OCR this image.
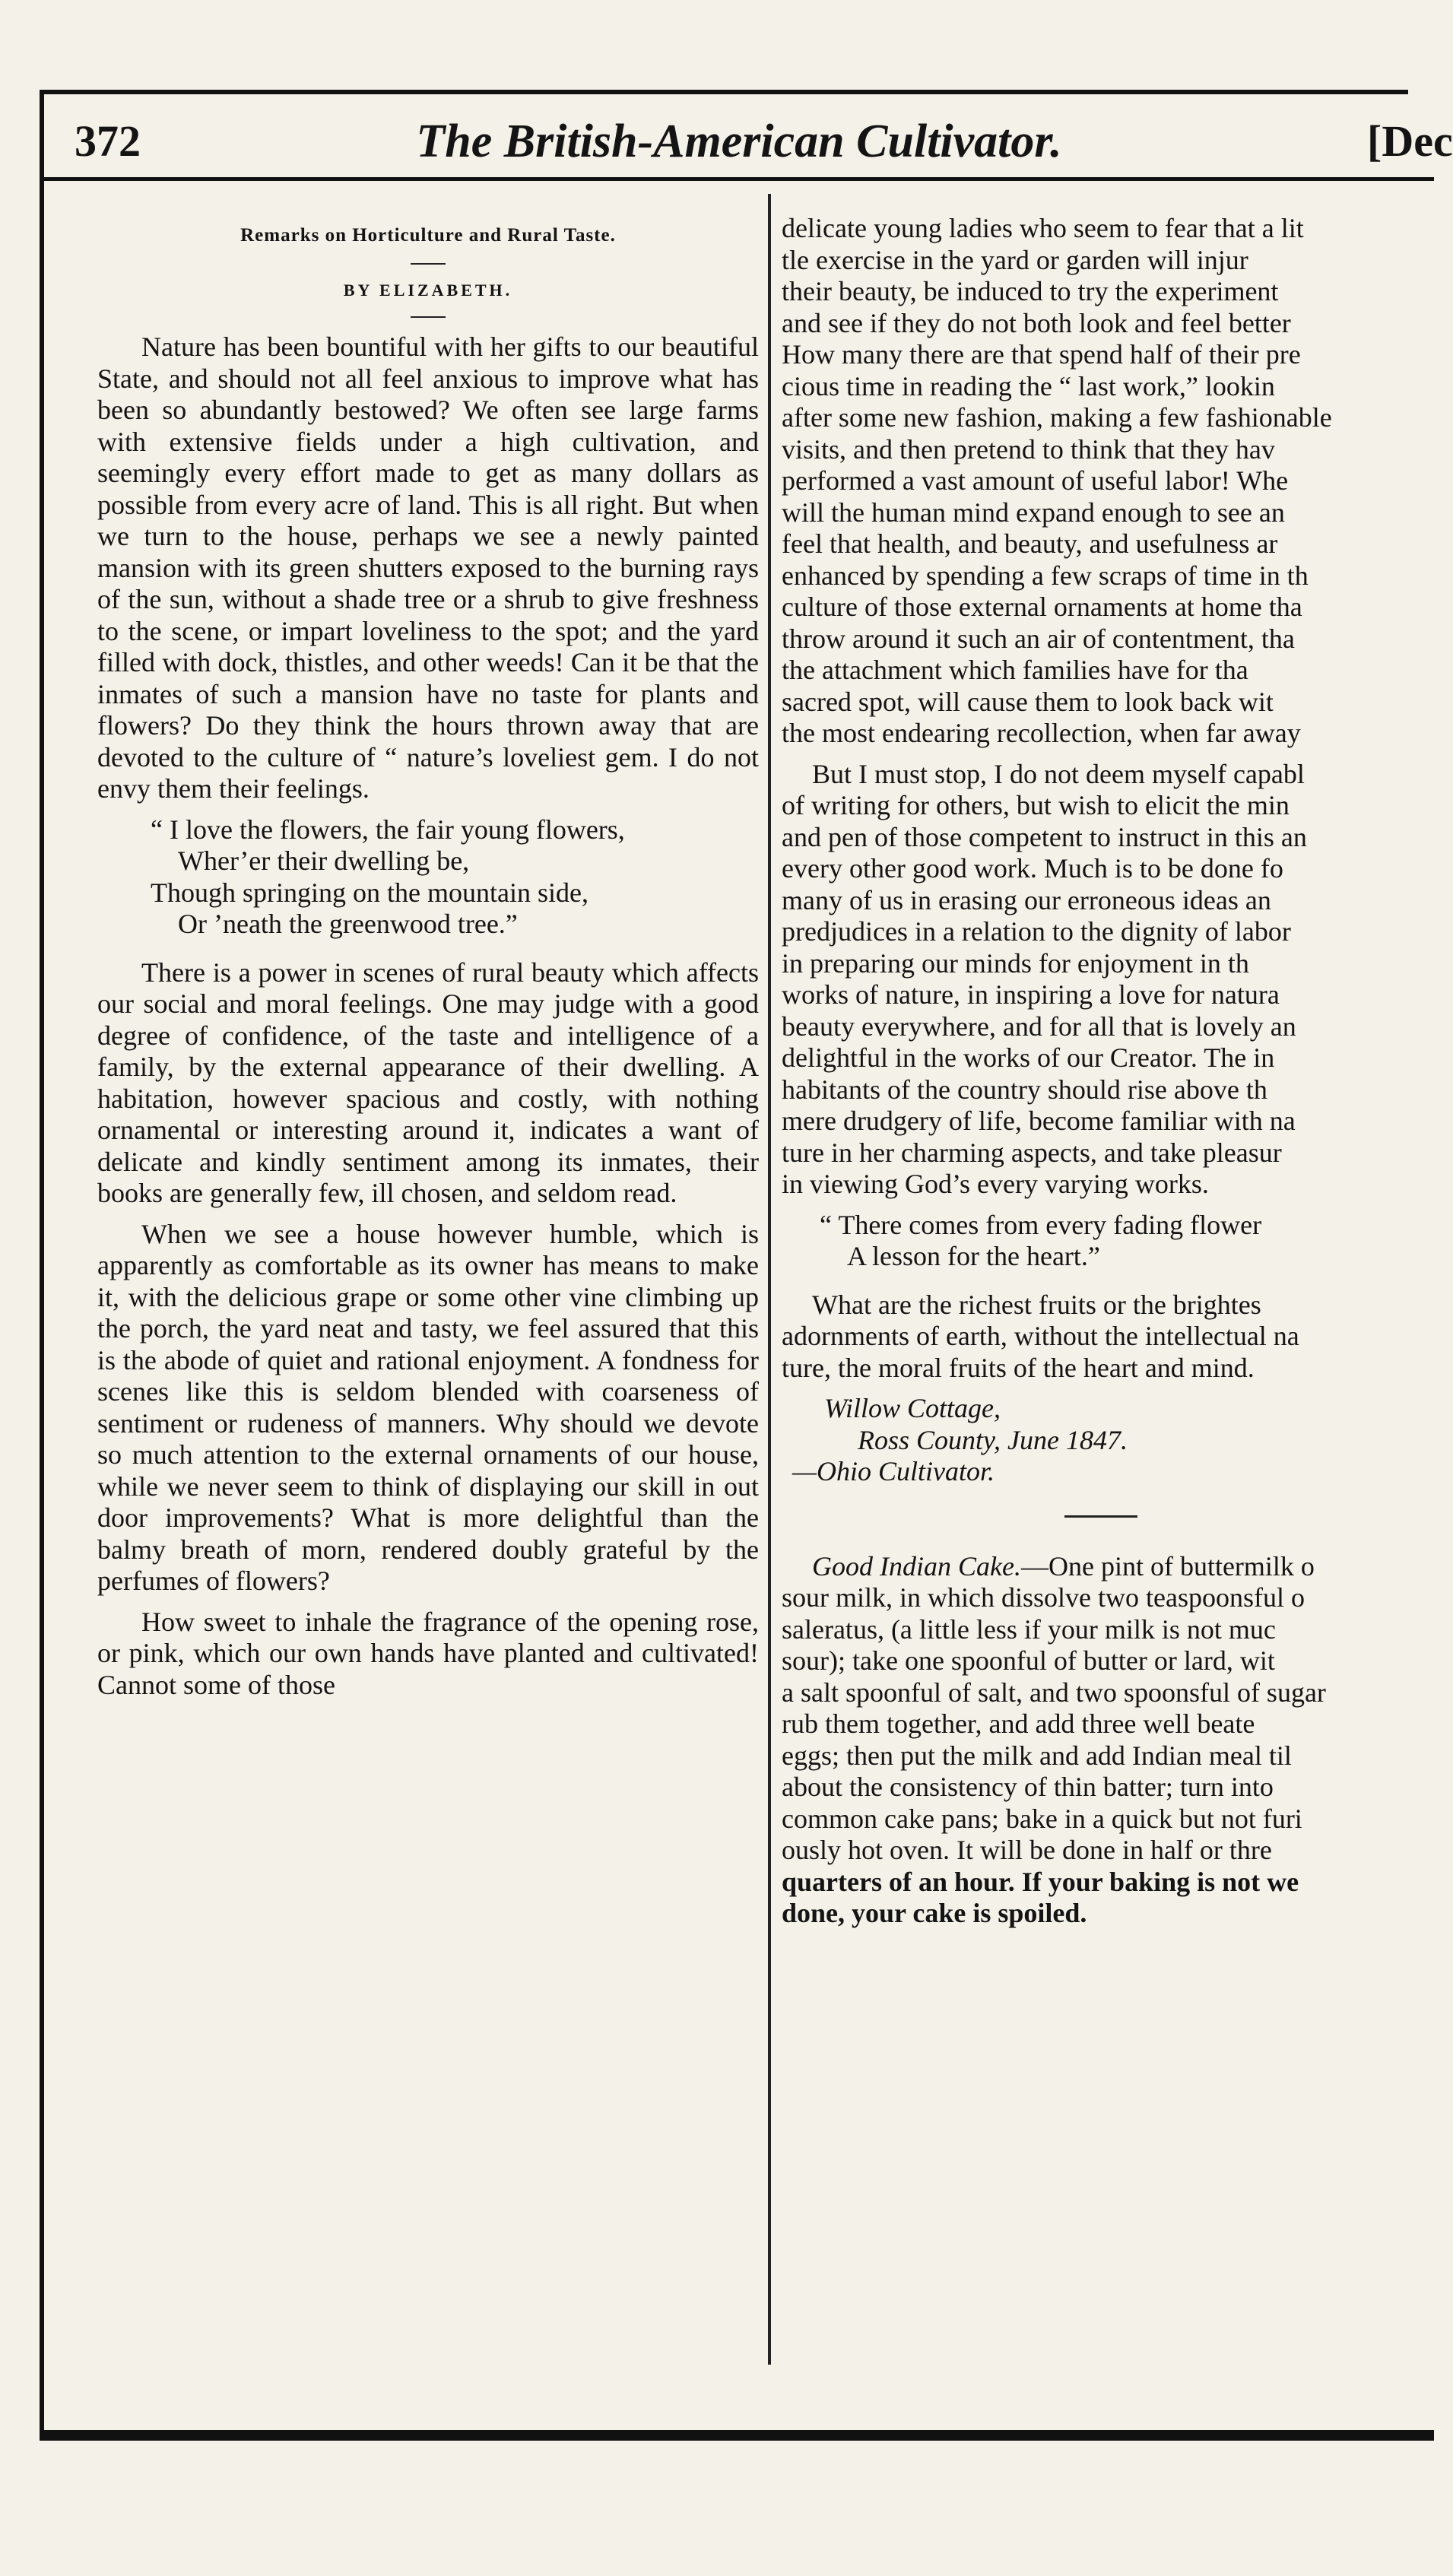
372	The British-American Cultivator.	[Dec
Remarks on Horticulture and Rural Taste.
BY ELIZABETH.

Nature has been bountiful with her gifts to our beautiful State, and should not all feel anxious to improve what has been so abundantly bestowed? We often see large farms with extensive fields under a high cultivation, and seemingly every effort made to get as many dollars as possible from every acre of land. This is all right. But when we turn to the house, perhaps we see a newly painted mansion with its green shutters exposed to the burning rays of the sun, without a shade tree or a shrub to give freshness to the scene, or impart loveliness to the spot; and the yard filled with dock, thistles, and other weeds! Can it be that the inmates of such a mansion have no taste for plants and flowers? Do they think the hours thrown away that are devoted to the culture of “ nature’s loveliest gem. I do not envy them their feelings.

“ I love the flowers, the fair young flowers,
Wher’er their dwelling be,
Though springing on the mountain side,
Or ’neath the greenwood tree.”

There is a power in scenes of rural beauty which affects our social and moral feelings. One may judge with a good degree of confidence, of the taste and intelligence of a family, by the external appearance of their dwelling. A habitation, however spacious and costly, with nothing ornamental or interesting around it, indicates a want of delicate and kindly sentiment among its inmates, their books are generally few, ill chosen, and seldom read.

When we see a house however humble, which is apparently as comfortable as its owner has means to make it, with the delicious grape or some other vine climbing up the porch, the yard neat and tasty, we feel assured that this is the abode of quiet and rational enjoyment. A fondness for scenes like this is seldom blended with coarseness of sentiment or rudeness of manners. Why should we devote so much attention to the external ornaments of our house, while we never seem to think of displaying our skill in out door improvements? What is more delightful than the balmy breath of morn, rendered doubly grateful by the perfumes of flowers?

How sweet to inhale the fragrance of the opening rose, or pink, which our own hands have planted and cultivated! Cannot some of those

delicate young ladies who seem to fear that a lit
tle exercise in the yard or garden will injur
their beauty, be induced to try the experiment
and see if they do not both look and feel better
How many there are that spend half of their pre
cious time in reading the “ last work,” lookin
after some new fashion, making a few fashionable
visits, and then pretend to think that they hav
performed a vast amount of useful labor! Whe
will the human mind expand enough to see an
feel that health, and beauty, and usefulness ar
enhanced by spending a few scraps of time in th
culture of those external ornaments at home tha
throw around it such an air of contentment, tha
the attachment which families have for tha
sacred spot, will cause them to look back wit
the most endearing recollection, when far away
But I must stop, I do not deem myself capabl
of writing for others, but wish to elicit the min
and pen of those competent to instruct in this an
every other good work. Much is to be done fo
many of us in erasing our erroneous ideas an
predjudices in a relation to the dignity of labor
in preparing our minds for enjoyment in th
works of nature, in inspiring a love for natura
beauty everywhere, and for all that is lovely an
delightful in the works of our Creator. The in
habitants of the country should rise above th
mere drudgery of life, become familiar with na
ture in her charming aspects, and take pleasur
in viewing God’s every varying works.
“ There comes from every fading flower
A lesson for the heart.”
What are the richest fruits or the brightes
adornments of earth, without the intellectual na
ture, the moral fruits of the heart and mind.
Willow Cottage,
Ross County, June 1847.
—Ohio Cultivator.
Good Indian Cake.—One pint of buttermilk o
sour milk, in which dissolve two teaspoonsful o
saleratus, (a little less if your milk is not muc
sour); take one spoonful of butter or lard, wit
a salt spoonful of salt, and two spoonsful of sugar
rub them together, and add three well beate
eggs; then put the milk and add Indian meal til
about the consistency of thin batter; turn into
common cake pans; bake in a quick but not furi
ously hot oven. It will be done in half or thre
quarters of an hour. If your baking is not we
done, your cake is spoiled.
